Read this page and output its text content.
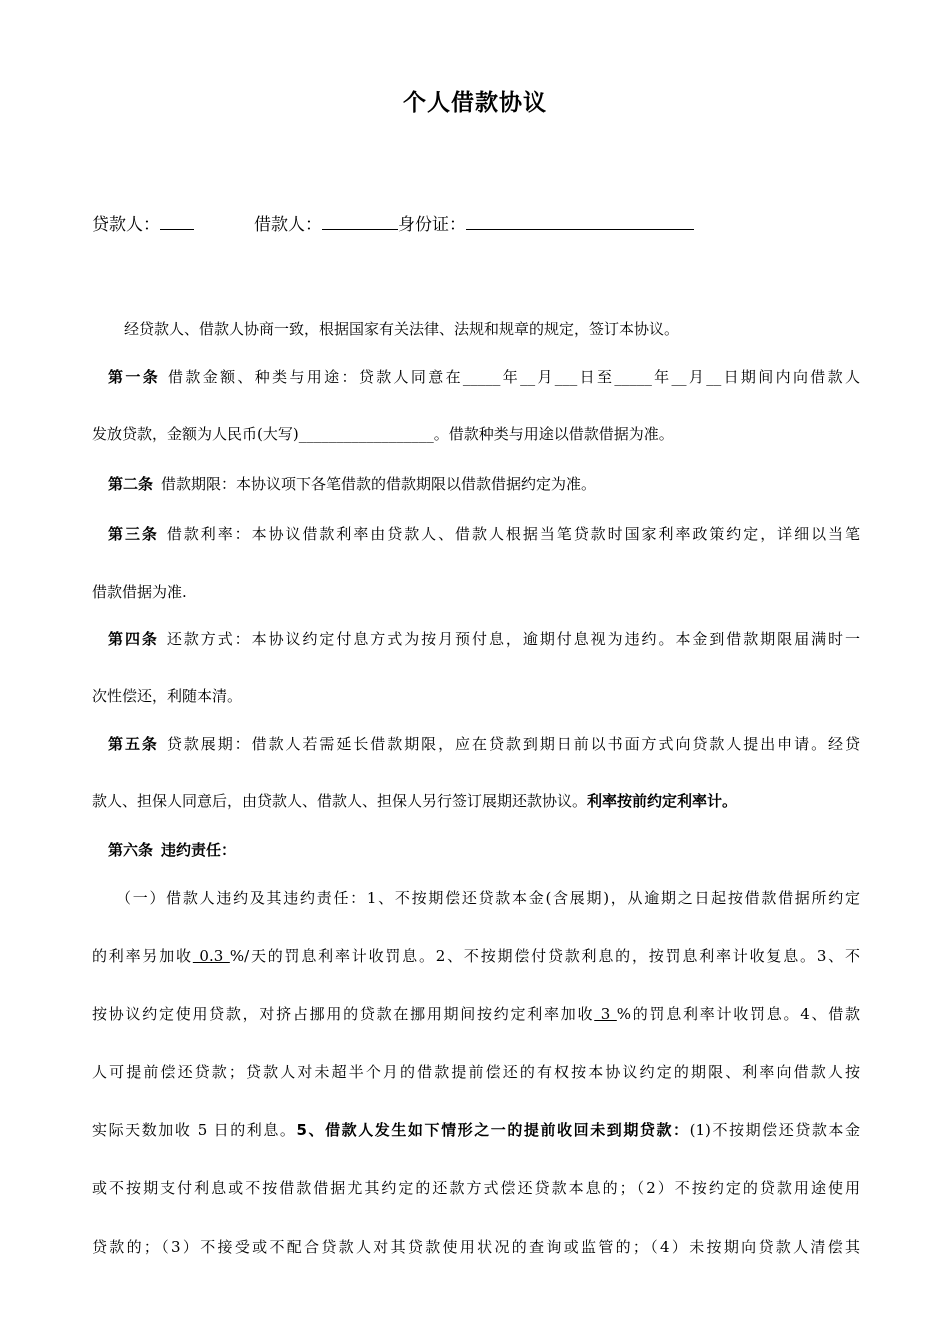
个人借款协议
贷款人：	借款人：	身份证：
经贷款人、借款人协商一致，根据国家有关法律、法规和规章的规定，签订本协议。
第一条 借款金额、种类与用途：贷款人同意在_____年__月___日至_____年__月__日期间内向借款人
发放贷款，金额为人民币(大写)__________________。借款种类与用途以借款借据为准。
第二条 借款期限：本协议项下各笔借款的借款期限以借款借据约定为准。
第三条 借款利率：本协议借款利率由贷款人、借款人根据当笔贷款时国家利率政策约定，详细以当笔
借款借据为准.
第四条 还款方式：本协议约定付息方式为按月预付息，逾期付息视为违约。本金到借款期限届满时一
次性偿还，利随本清。
第五条 贷款展期：借款人若需延长借款期限，应在贷款到期日前以书面方式向贷款人提出申请。经贷
款人、担保人同意后，由贷款人、借款人、担保人另行签订展期还款协议。利率按前约定利率计。
第六条 违约责任：
（一）借款人违约及其违约责任：1、不按期偿还贷款本金(含展期)，从逾期之日起按借款借据所约定
的利率另加收 0.3 %/天的罚息利率计收罚息。2、不按期偿付贷款利息的，按罚息利率计收复息。3、不
按协议约定使用贷款，对挤占挪用的贷款在挪用期间按约定利率加收 3 %的罚息利率计收罚息。4、借款
人可提前偿还贷款；贷款人对未超半个月的借款提前偿还的有权按本协议约定的期限、利率向借款人按
实际天数加收 5 日的利息。5、借款人发生如下情形之一的提前收回未到期贷款：(1)不按期偿还贷款本金
或不按期支付利息或不按借款借据尤其约定的还款方式偿还贷款本息的；（2）不按约定的贷款用途使用
贷款的；（3）不接受或不配合贷款人对其贷款使用状况的查询或监管的；（4）未按期向贷款人清偿其
